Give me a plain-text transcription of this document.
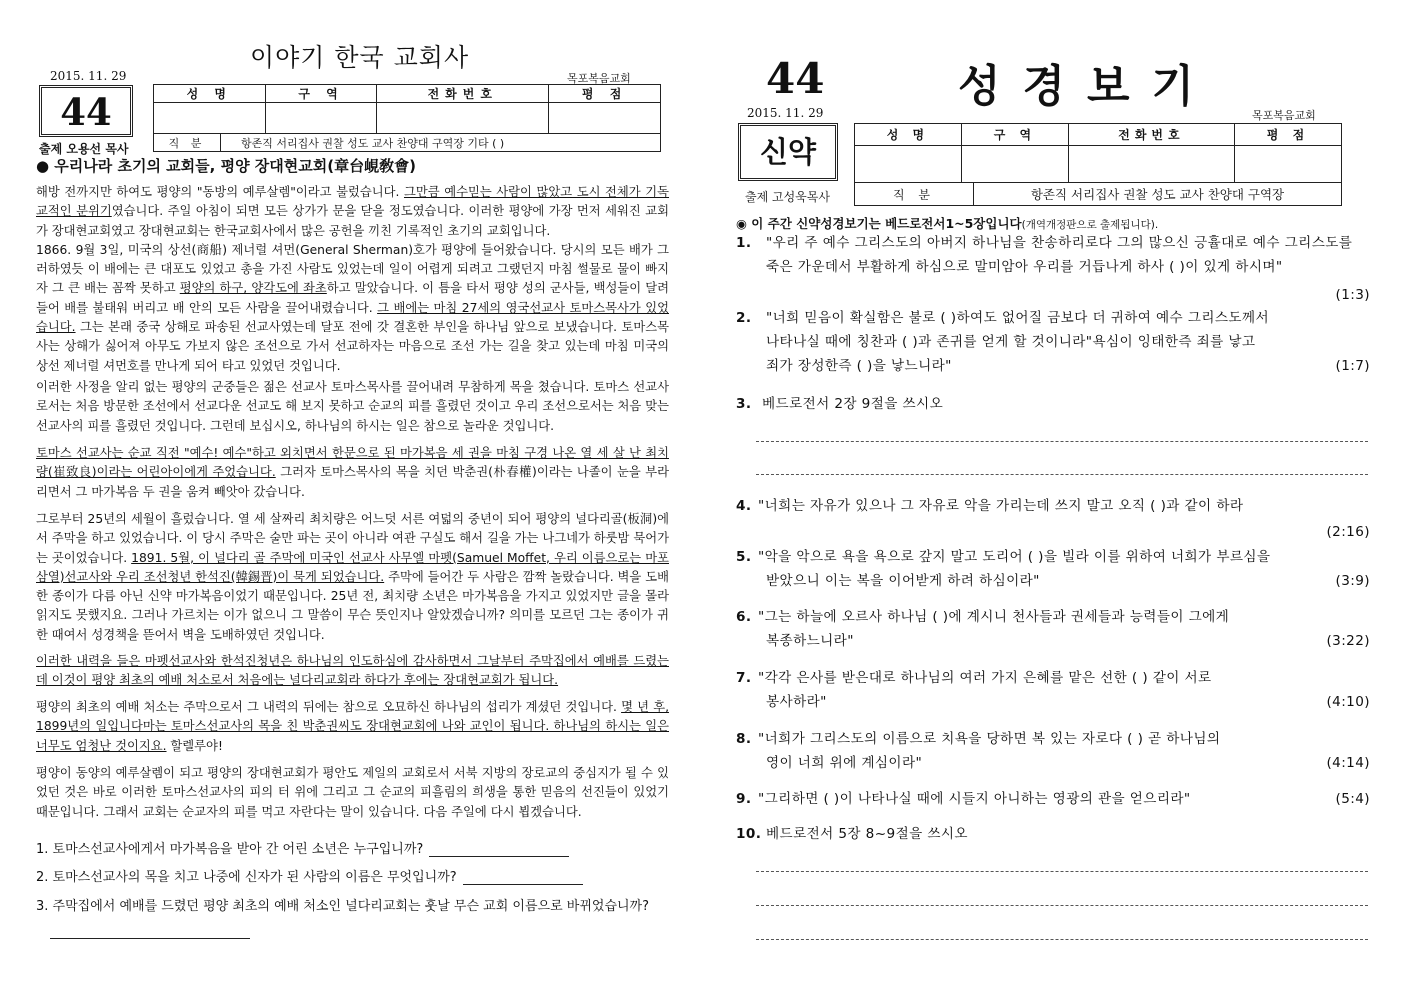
이야기 한국 교회사
2015. 11. 29	목포복음교회
44
출제 오용선 목사
성 명	구 역	전화번호	평 점

직 분	항존직 서리집사 권찰 성도 교사 찬양대 구역장 기타 ( )
● 우리나라 초기의 교회들, 평양 장대현교회(章台峴敎會)

해방 전까지만 하여도 평양의 "동방의 예루살렘"이라고 불렀습니다. 그만큼 예수믿는 사람이 많았고 도시 전체가 기독교적인 분위기였습니다. 주일 아침이 되면 모든 상가가 문을 닫을 정도였습니다. 이러한 평양에 가장 먼저 세워진 교회가 장대현교회였고 장대현교회는 한국교회사에서 많은 공헌을 끼친 기록적인 초기의 교회입니다.

1866. 9월 3일, 미국의 상선(商船) 제너럴 셔먼(General Sherman)호가 평양에 들어왔습니다. 당시의 모든 배가 그러하였듯 이 배에는 큰 대포도 있었고 총을 가진 사람도 있었는데 일이 어렵게 되려고 그랬던지 마침 썰물로 물이 빠지자 그 큰 배는 꼼짝 못하고 평양의 하구, 양각도에 좌초하고 말았습니다. 이 틈을 타서 평양 성의 군사들, 백성들이 달려들어 배를 불태워 버리고 배 안의 모든 사람을 끌어내렸습니다. 그 배에는 마침 27세의 영국선교사 토마스목사가 있었습니다. 그는 본래 중국 상해로 파송된 선교사였는데 달포 전에 갓 결혼한 부인을 하나님 앞으로 보냈습니다. 토마스목사는 상해가 싫어져 아무도 가보지 않은 조선으로 가서 선교하자는 마음으로 조선 가는 길을 찾고 있는데 마침 미국의 상선 제너럴 셔먼호를 만나게 되어 타고 있었던 것입니다.

이러한 사정을 알리 없는 평양의 군중들은 젊은 선교사 토마스목사를 끌어내려 무참하게 목을 쳤습니다. 토마스 선교사로서는 처음 방문한 조선에서 선교다운 선교도 해 보지 못하고 순교의 피를 흘렸던 것이고 우리 조선으로서는 처음 맞는 선교사의 피를 흘렸던 것입니다. 그런데 보십시오, 하나님의 하시는 일은 참으로 놀라운 것입니다.
토마스 선교사는 순교 직전 "예수! 예수"하고 외치면서 한문으로 된 마가복음 세 권을 마침 구경 나온 열 세 살 난 최치량(崔致良)이라는 어린아이에게 주었습니다. 그러자 토마스목사의 목을 치던 박춘권(朴春權)이라는 나졸이 눈을 부라리면서 그 마가복음 두 권을 움켜 빼앗아 갔습니다.
그로부터 25년의 세월이 흘렀습니다. 열 세 살짜리 최치량은 어느덧 서른 여덟의 중년이 되어 평양의 널다리골(板洞)에서 주막을 하고 있었습니다. 이 당시 주막은 술만 파는 곳이 아니라 여관 구실도 해서 길을 가는 나그네가 하룻밤 묵어가는 곳이었습니다. 1891. 5월, 이 널다리 골 주막에 미국인 선교사 사무엘 마펫(Samuel Moffet, 우리 이름으로는 마포삼열)선교사와 우리 조선청년 한석진(韓錫晋)이 묵게 되었습니다. 주막에 들어간 두 사람은 깜짝 놀랐습니다. 벽을 도배한 종이가 다름 아닌 신약 마가복음이었기 때문입니다. 25년 전, 최치량 소년은 마가복음을 가지고 있었지만 글을 몰라 읽지도 못했지요. 그러나 가르치는 이가 없으니 그 말씀이 무슨 뜻인지나 알았겠습니까? 의미를 모르던 그는 종이가 귀한 때여서 성경책을 뜯어서 벽을 도배하였던 것입니다.
이러한 내력을 들은 마펫선교사와 한석진청년은 하나님의 인도하심에 감사하면서 그날부터 주막집에서 예배를 드렸는데 이것이 평양 최초의 예배 처소로서 처음에는 널다리교회라 하다가 후에는 장대현교회가 됩니다.
평양의 최초의 예배 처소는 주막으로서 그 내력의 뒤에는 참으로 오묘하신 하나님의 섭리가 계셨던 것입니다. 몇 년 후, 1899년의 일입니다마는 토마스선교사의 목을 친 박춘권씨도 장대현교회에 나와 교인이 됩니다. 하나님의 하시는 일은 너무도 엄청난 것이지요. 할렐루야!
평양이 동양의 예루살렘이 되고 평양의 장대현교회가 평안도 제일의 교회로서 서북 지방의 장로교의 중심지가 될 수 있었던 것은 바로 이러한 토마스선교사의 피의 터 위에 그리고 그 순교의 피흘림의 희생을 통한 믿음의 선진들이 있었기 때문입니다. 그래서 교회는 순교자의 피를 먹고 자란다는 말이 있습니다. 다음 주일에 다시 뵙겠습니다.
1. 토마스선교사에게서 마가복음을 받아 간 어린 소년은 누구입니까?
2. 토마스선교사의 목을 치고 나중에 신자가 된 사람의 이름은 무엇입니까?
3. 주막집에서 예배를 드렸던 평양 최초의 예배 처소인 널다리교회는 훗날 무슨 교회 이름으로 바뀌었습니까?
44	성경보기
2015. 11. 29	목포복음교회
신약
출제 고성욱목사
성 명	구 역	전화번호	평 점

직 분	항존직 서리집사 권찰 성도 교사 찬양대 구역장
◉ 이 주간 신약성경보기는 베드로전서1~5장입니다(개역개정판으로 출제됩니다).
1. "우리 주 예수 그리스도의 아버지 하나님을 찬송하리로다 그의 많으신 긍휼대로 예수 그리스도를
죽은 가운데서 부활하게 하심으로 말미암아 우리를 거듭나게 하사 ( )이 있게 하시며"
(1:3)
2. "너희 믿음이 확실함은 불로 ( )하여도 없어질 금보다 더 귀하여 예수 그리스도께서
나타나실 때에 칭찬과 ( )과 존귀를 얻게 할 것이니라"욕심이 잉태한즉 죄를 낳고
죄가 장성한즉 ( )을 낳느니라"	(1:7)
3. 베드로전서 2장 9절을 쓰시오
4. "너희는 자유가 있으나 그 자유로 악을 가리는데 쓰지 말고 오직 ( )과 같이 하라
(2:16)
5. "악을 악으로 욕을 욕으로 갚지 말고 도리어 ( )을 빌라 이를 위하여 너희가 부르심을
받았으니 이는 복을 이어받게 하려 하심이라"	(3:9)
6. "그는 하늘에 오르사 하나님 ( )에 계시니 천사들과 권세들과 능력들이 그에게
복종하느니라"	(3:22)
7. "각각 은사를 받은대로 하나님의 여러 가지 은혜를 맡은 선한 ( ) 같이 서로
봉사하라"	(4:10)
8. "너희가 그리스도의 이름으로 치욕을 당하면 복 있는 자로다 ( ) 곧 하나님의
영이 너희 위에 계심이라"	(4:14)
9. "그리하면 ( )이 나타나실 때에 시들지 아니하는 영광의 관을 얻으리라"	(5:4)
10. 베드로전서 5장 8~9절을 쓰시오
